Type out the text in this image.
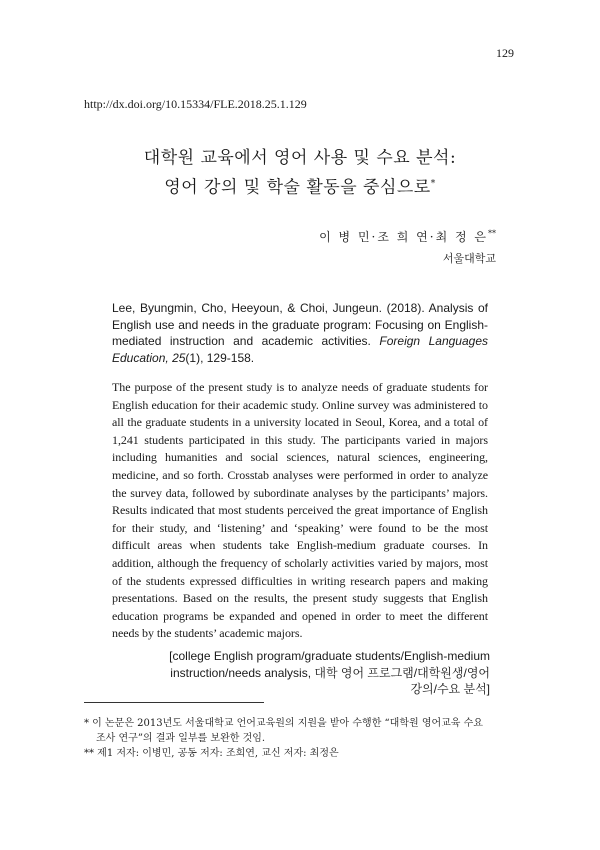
129
http://dx.doi.org/10.15334/FLE.2018.25.1.129
대학원 교육에서 영어 사용 및 수요 분석:
영어 강의 및 학술 활동을 중심으로*
이 병 민·조 희 연·최 정 은**
서울대학교
Lee, Byungmin, Cho, Heeyoun, & Choi, Jungeun. (2018). Analysis of English use and needs in the graduate program: Focusing on English-mediated instruction and academic activities. Foreign Languages Education, 25(1), 129-158.
The purpose of the present study is to analyze needs of graduate students for English education for their academic study. Online survey was administered to all the graduate students in a university located in Seoul, Korea, and a total of 1,241 students participated in this study. The participants varied in majors including humanities and social sciences, natural sciences, engineering, medicine, and so forth. Crosstab analyses were performed in order to analyze the survey data, followed by subordinate analyses by the participants’ majors. Results indicated that most students perceived the great importance of English for their study, and ‘listening’ and ‘speaking’ were found to be the most difficult areas when students take English-medium graduate courses. In addition, although the frequency of scholarly activities varied by majors, most of the students expressed difficulties in writing research papers and making presentations. Based on the results, the present study suggests that English education programs be expanded and opened in order to meet the different needs by the students’ academic majors.
[college English program/graduate students/English-medium
instruction/needs analysis, 대학 영어 프로그램/대학원생/영어
강의/수요 분석]

* 이 논문은 2013년도 서울대학교 언어교육원의 지원을 받아 수행한 “대학원 영어교육 수요

조사 연구”의 결과 일부를 보완한 것임.

** 제1 저자: 이병민, 공동 저자: 조희연, 교신 저자: 최정은
